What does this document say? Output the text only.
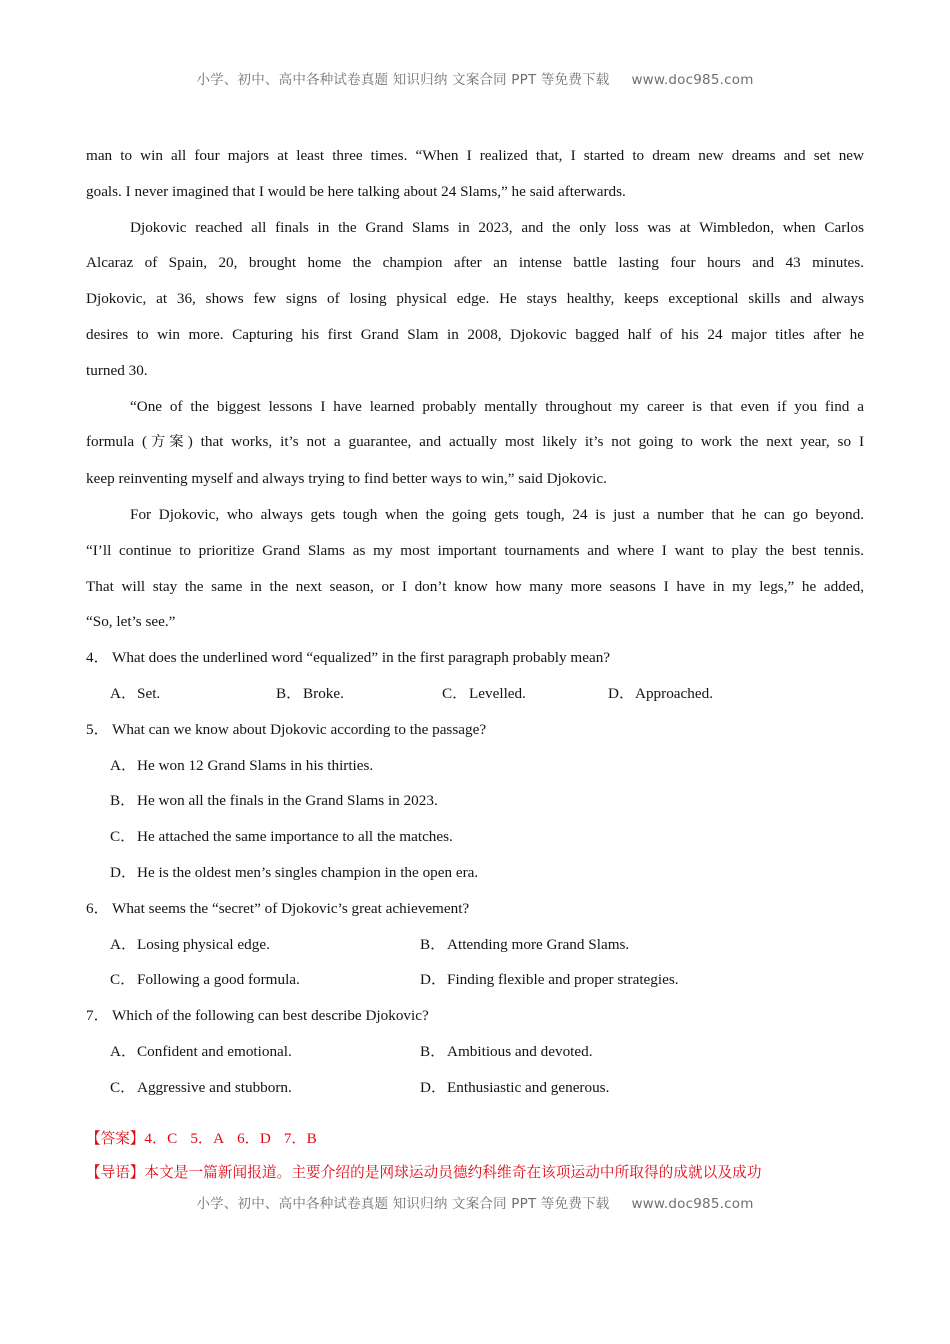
小学、初中、高中各种试卷真题 知识归纳 文案合同 PPT 等免费下载 www.doc985.com

man to win all four majors at least three times. “When I realized that, I started to dream new dreams and set new
goals. I never imagined that I would be here talking about 24 Slams,” he said afterwards.

Djokovic reached all finals in the Grand Slams in 2023, and the only loss was at Wimbledon, when Carlos
Alcaraz of Spain, 20, brought home the champion after an intense battle lasting four hours and 43 minutes.
Djokovic, at 36, shows few signs of losing physical edge. He stays healthy, keeps exceptional skills and always
desires to win more. Capturing his first Grand Slam in 2008, Djokovic bagged half of his 24 major titles after he
turned 30.

“One of the biggest lessons I have learned probably mentally throughout my career is that even if you find a
formula (方案) that works, it’s not a guarantee, and actually most likely it’s not going to work the next year, so I
keep reinventing myself and always trying to find better ways to win,” said Djokovic.

For Djokovic, who always gets tough when the going gets tough, 24 is just a number that he can go beyond.
“I’ll continue to prioritize Grand Slams as my most important tournaments and where I want to play the best tennis.
That will stay the same in the next season, or I don’t know how many more seasons I have in my legs,” he added,
“So, let’s see.”

4． What does the underlined word “equalized” in the first paragraph probably mean?
A．Set.	B． Broke.	C． Levelled.	D．Approached.
5． What can we know about Djokovic according to the passage?
A．He won 12 Grand Slams in his thirties.
B． He won all the finals in the Grand Slams in 2023.
C． He attached the same importance to all the matches.
D．He is the oldest men’s singles champion in the open era.
6． What seems the “secret” of Djokovic’s great achievement?
A．Losing physical edge.	B． Attending more Grand Slams.
C． Following a good formula.	D．Finding flexible and proper strategies.
7． Which of the following can best describe Djokovic?
A．Confident and emotional.	B． Ambitious and devoted.
C． Aggressive and stubborn.	D．Enthusiastic and generous.
【答案】4．C 5．A 6．D 7．B
【导语】本文是一篇新闻报道。主要介绍的是网球运动员德约科维奇在该项运动中所取得的成就以及成功
小学、初中、高中各种试卷真题 知识归纳 文案合同 PPT 等免费下载 www.doc985.com
